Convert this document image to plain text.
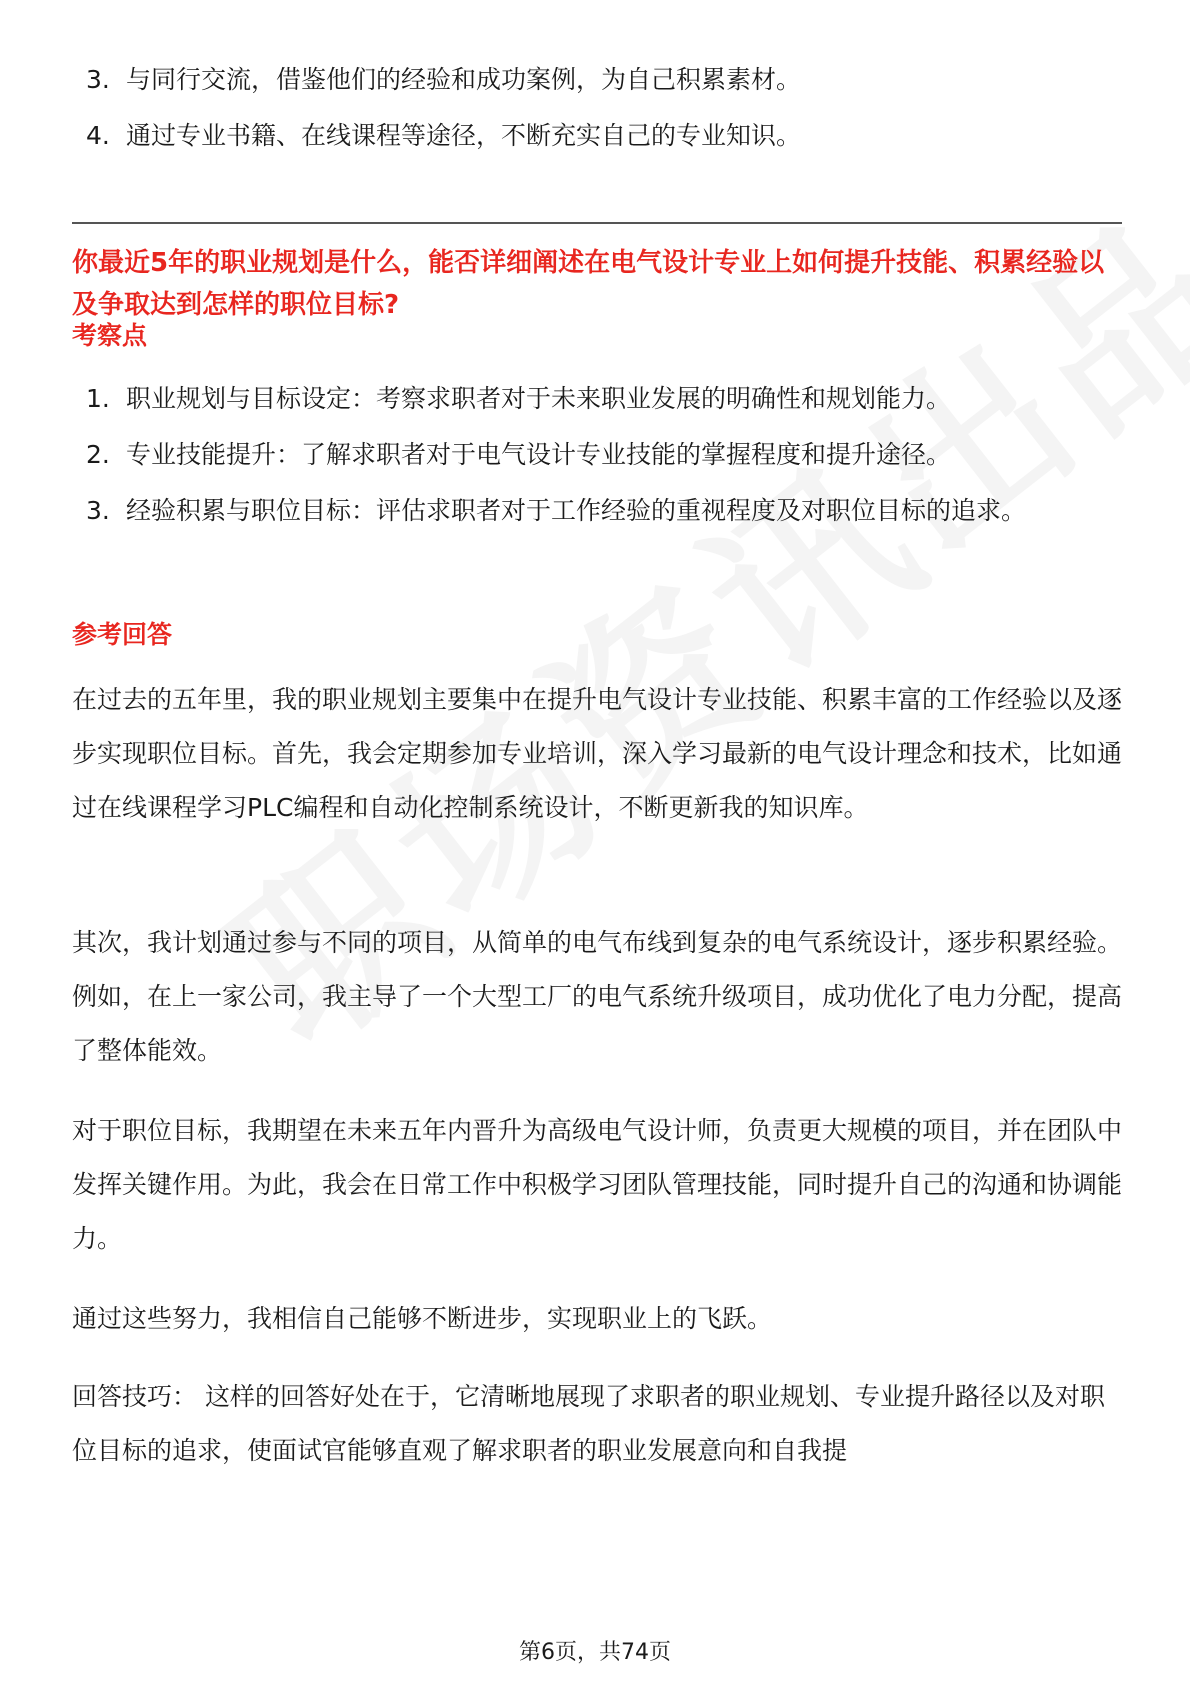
3. 与同行交流，借鉴他们的经验和成功案例，为自己积累素材。
4. 通过专业书籍、在线课程等途径，不断充实自己的专业知识。

你最近5年的职业规划是什么，能否详细阐述在电气设计专业上如何提升技能、积累经验以及争取达到怎样的职位目标?

考察点

1. 职业规划与目标设定：考察求职者对于未来职业发展的明确性和规划能力。
2. 专业技能提升：了解求职者对于电气设计专业技能的掌握程度和提升途径。
3. 经验积累与职位目标：评估求职者对于工作经验的重视程度及对职位目标的追求。

参考回答

在过去的五年里，我的职业规划主要集中在提升电气设计专业技能、积累丰富的工作经验以及逐步实现职位目标。首先，我会定期参加专业培训，深入学习最新的电气设计理念和技术，比如通过在线课程学习PLC编程和自动化控制系统设计，不断更新我的知识库。

其次，我计划通过参与不同的项目，从简单的电气布线到复杂的电气系统设计，逐步积累经验。例如，在上一家公司，我主导了一个大型工厂的电气系统升级项目，成功优化了电力分配，提高了整体能效。

对于职位目标，我期望在未来五年内晋升为高级电气设计师，负责更大规模的项目，并在团队中发挥关键作用。为此，我会在日常工作中积极学习团队管理技能，同时提升自己的沟通和协调能力。

通过这些努力，我相信自己能够不断进步，实现职业上的飞跃。

回答技巧： 这样的回答好处在于，它清晰地展现了求职者的职业规划、专业提升路径以及对职位目标的追求，使面试官能够直观了解求职者的职业发展意向和自我提

第6页，共74页
